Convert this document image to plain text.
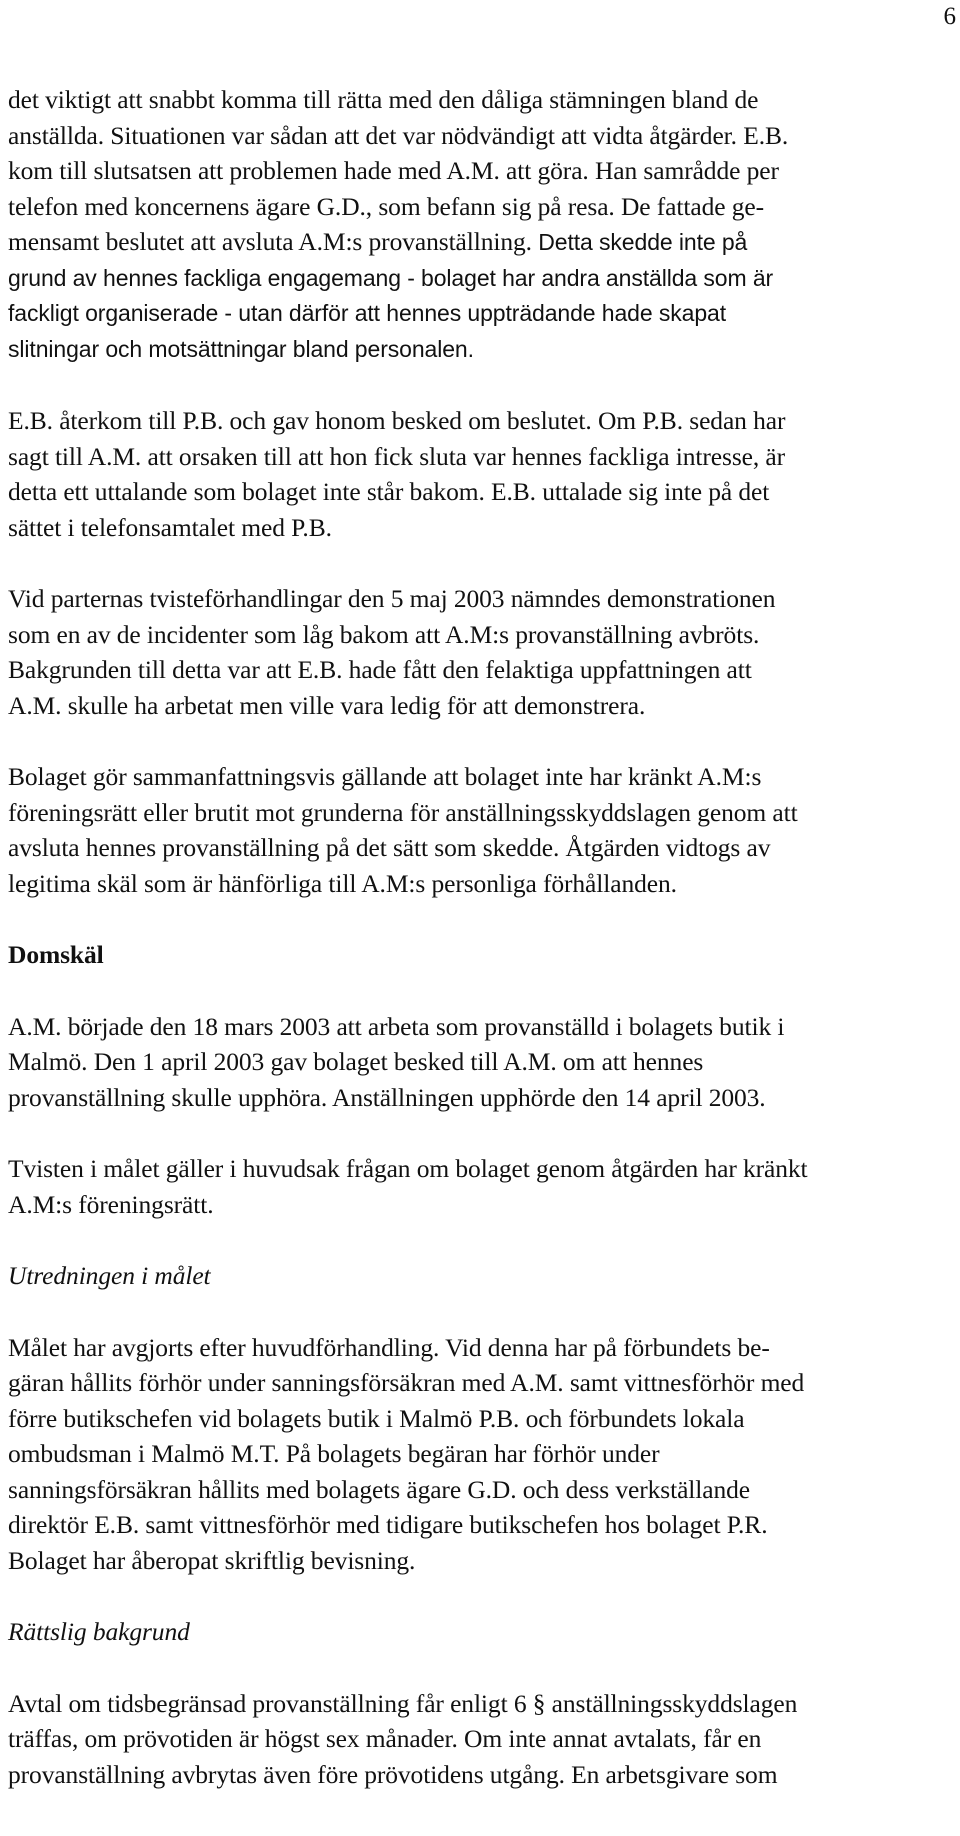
6

det viktigt att snabbt komma till rätta med den dåliga stämningen bland de
anställda. Situationen var sådan att det var nödvändigt att vidta åtgärder. E.B.
kom till slutsatsen att problemen hade med A.M. att göra. Han samrådde per
telefon med koncernens ägare G.D., som befann sig på resa. De fattade ge-
mensamt beslutet att avsluta A.M:s provanställning. Detta skedde inte på
grund av hennes fackliga engagemang - bolaget har andra anställda som är
fackligt organiserade - utan därför att hennes uppträdande hade skapat
slitningar och motsättningar bland personalen.

E.B. återkom till P.B. och gav honom besked om beslutet. Om P.B. sedan har
sagt till A.M. att orsaken till att hon fick sluta var hennes fackliga intresse, är
detta ett uttalande som bolaget inte står bakom. E.B. uttalade sig inte på det
sättet i telefonsamtalet med P.B.

Vid parternas tvisteförhandlingar den 5 maj 2003 nämndes demonstrationen
som en av de incidenter som låg bakom att A.M:s provanställning avbröts.
Bakgrunden till detta var att E.B. hade fått den felaktiga uppfattningen att
A.M. skulle ha arbetat men ville vara ledig för att demonstrera.

Bolaget gör sammanfattningsvis gällande att bolaget inte har kränkt A.M:s
föreningsrätt eller brutit mot grunderna för anställningsskyddslagen genom att
avsluta hennes provanställning på det sätt som skedde. Åtgärden vidtogs av
legitima skäl som är hänförliga till A.M:s personliga förhållanden.

Domskäl

A.M. började den 18 mars 2003 att arbeta som provanställd i bolagets butik i
Malmö. Den 1 april 2003 gav bolaget besked till A.M. om att hennes
provanställning skulle upphöra. Anställningen upphörde den 14 april 2003.

Tvisten i målet gäller i huvudsak frågan om bolaget genom åtgärden har kränkt
A.M:s föreningsrätt.

Utredningen i målet

Målet har avgjorts efter huvudförhandling. Vid denna har på förbundets be-
gäran hållits förhör under sanningsförsäkran med A.M. samt vittnesförhör med
förre butikschefen vid bolagets butik i Malmö P.B. och förbundets lokala
ombudsman i Malmö M.T. På bolagets begäran har förhör under
sanningsförsäkran hållits med bolagets ägare G.D. och dess verkställande
direktör E.B. samt vittnesförhör med tidigare butikschefen hos bolaget P.R.
Bolaget har åberopat skriftlig bevisning.

Rättslig bakgrund

Avtal om tidsbegränsad provanställning får enligt 6 § anställningsskyddslagen
träffas, om prövotiden är högst sex månader. Om inte annat avtalats, får en
provanställning avbrytas även före prövotidens utgång. En arbetsgivare som
